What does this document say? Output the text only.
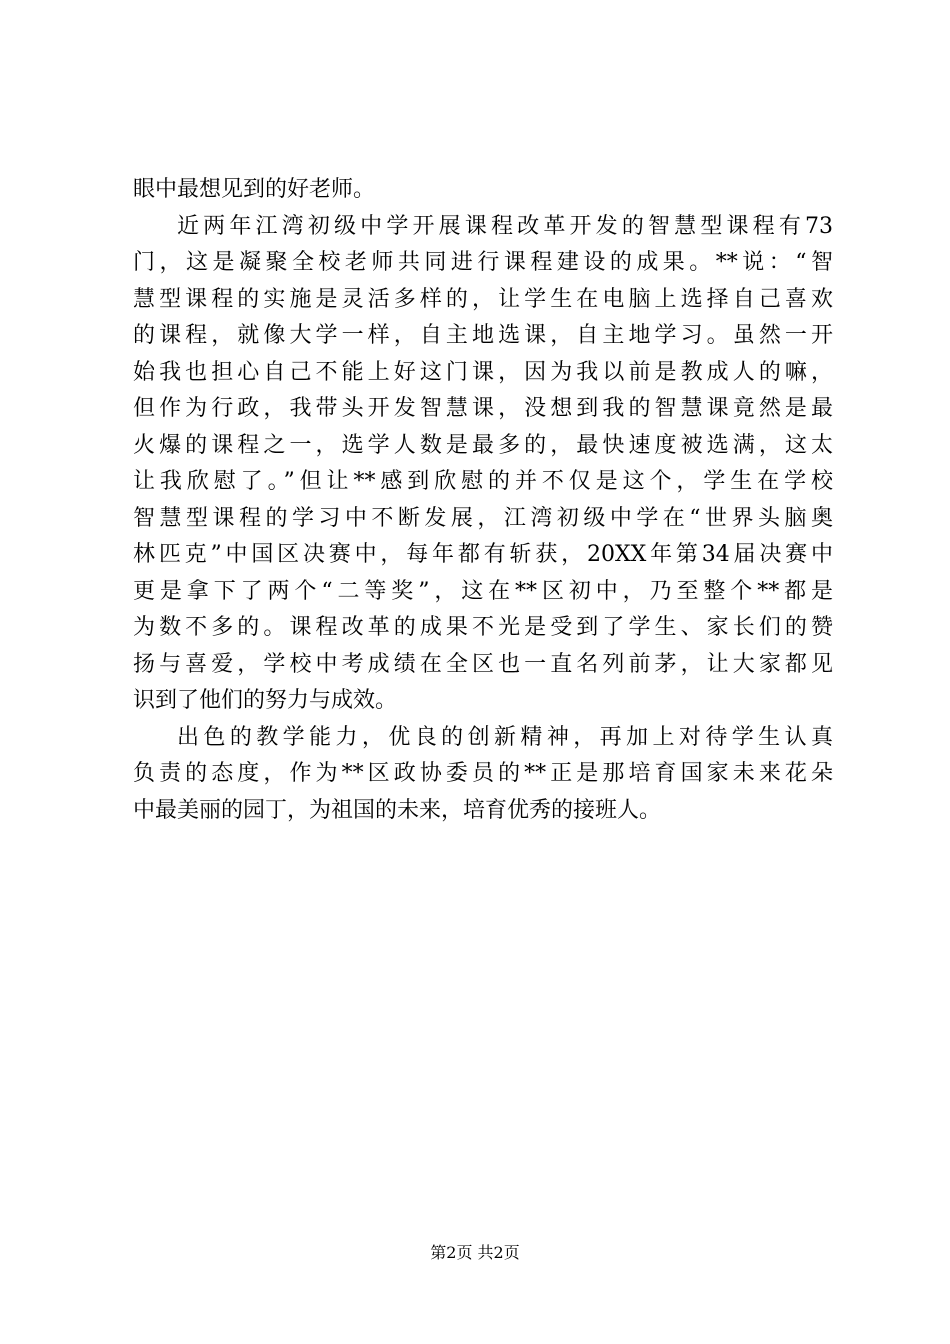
眼中最想见到的好老师。
近两年江湾初级中学开展课程改革开发的智慧型课程有73
门，这是凝聚全校老师共同进行课程建设的成果。**说：“智
慧型课程的实施是灵活多样的，让学生在电脑上选择自己喜欢
的课程，就像大学一样，自主地选课，自主地学习。虽然一开
始我也担心自己不能上好这门课，因为我以前是教成人的嘛，
但作为行政，我带头开发智慧课，没想到我的智慧课竟然是最
火爆的课程之一，选学人数是最多的，最快速度被选满，这太
让我欣慰了。”但让**感到欣慰的并不仅是这个，学生在学校
智慧型课程的学习中不断发展，江湾初级中学在“世界头脑奥
林匹克”中国区决赛中，每年都有斩获，20XX年第34届决赛中
更是拿下了两个“二等奖”，这在**区初中，乃至整个**都是
为数不多的。课程改革的成果不光是受到了学生、家长们的赞
扬与喜爱，学校中考成绩在全区也一直名列前茅，让大家都见
识到了他们的努力与成效。
出色的教学能力，优良的创新精神，再加上对待学生认真
负责的态度，作为**区政协委员的**正是那培育国家未来花朵
中最美丽的园丁，为祖国的未来，培育优秀的接班人。
第2页 共2页
